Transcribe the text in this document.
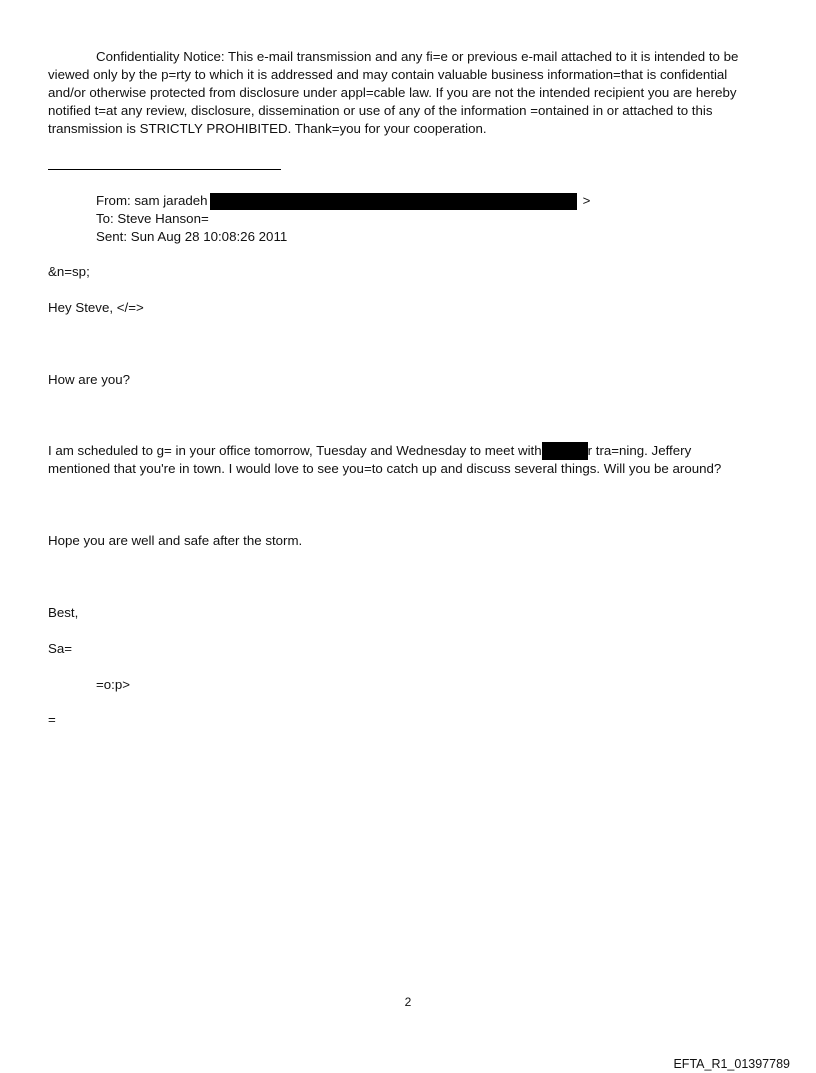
Confidentiality Notice: This e-mail transmission and any fi=e or previous e-mail attached to it is intended to be
viewed only by the p=rty to which it is addressed and may contain valuable business information=that is confidential
and/or otherwise protected from disclosure under appl=cable law. If you are not the intended recipient you are hereby
notified t=at any review, disclosure, dissemination or use of any of the information =ontained in or attached to this
transmission is STRICTLY PROHIBITED. Thank=you for your cooperation.
From: sam jaradeh	>
To: Steve Hanson=
Sent: Sun Aug 28 10:08:26 2011
&n=sp;
Hey Steve, </=>
How are you?
I am scheduled to g= in your office tomorrow, Tuesday and Wednesday to meet with	r tra=ning. Jeffery
mentioned that you're in town. I would love to see you=to catch up and discuss several things. Will you be around?
Hope you are well and safe after the storm.
Best,
Sa=
=o:p>
=
2
EFTA_R1_01397789
